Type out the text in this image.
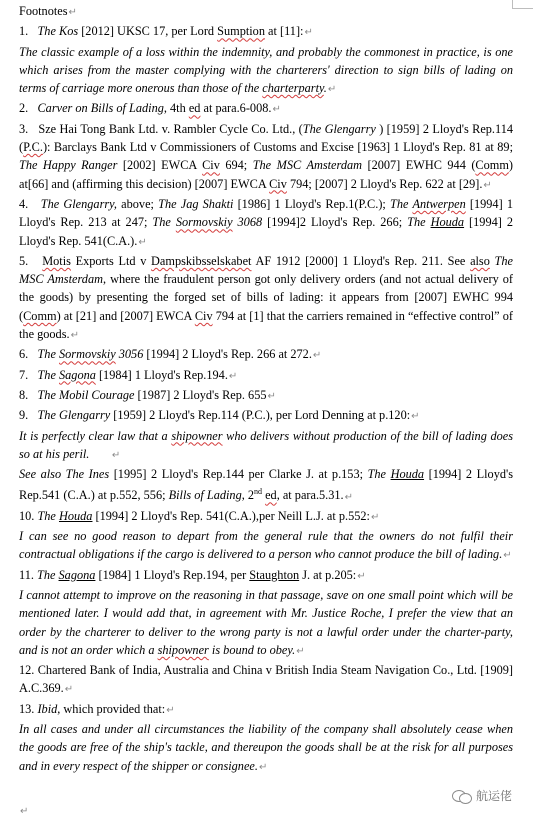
Footnotes↵

1. The Kos [2012] UKSC 17, per Lord Sumption at [11]:↵

The classic example of a loss within the indemnity, and probably the commonest in practice, is one which arises from the master complying with the charterers' direction to sign bills of lading on terms of carriage more onerous than those of the charterparty.↵

2. Carver on Bills of Lading, 4th ed at para.6-008.↵

3. Sze Hai Tong Bank Ltd. v. Rambler Cycle Co. Ltd., (The Glengarry ) [1959] 2 Lloyd's Rep.114 (P.C.): Barclays Bank Ltd v Commissioners of Customs and Excise [1963] 1 Lloyd's Rep. 81 at 89; The Happy Ranger [2002] EWCA Civ 694; The MSC Amsterdam [2007] EWHC 944 (Comm) at[66] and (affirming this decision) [2007] EWCA Civ 794; [2007] 2 Lloyd's Rep. 622 at [29].↵

4. The Glengarry, above; The Jag Shakti [1986] 1 Lloyd's Rep.1(P.C.); The Antwerpen [1994] 1 Lloyd's Rep. 213 at 247; The Sormovskiy 3068 [1994]2 Lloyd's Rep. 266; The Houda [1994] 2 Lloyd's Rep. 541(C.A.).↵

5. Motis Exports Ltd v Dampskibsselskabet AF 1912 [2000] 1 Lloyd's Rep. 211. See also The MSC Amsterdam, where the fraudulent person got only delivery orders (and not actual delivery of the goods) by presenting the forged set of bills of lading: it appears from [2007] EWHC 994 (Comm) at [21] and [2007] EWCA Civ 794 at [1] that the carriers remained in “effective control” of the goods.↵

6. The Sormovskiy 3056 [1994] 2 Lloyd's Rep. 266 at 272.↵

7. The Sagona [1984] 1 Lloyd's Rep.194.↵

8. The Mobil Courage [1987] 2 Lloyd's Rep. 655↵

9. The Glengarry [1959] 2 Lloyd's Rep.114 (P.C.), per Lord Denning at p.120:↵

It is perfectly clear law that a shipowner who delivers without production of the bill of lading does so at his peril. ↵

See also The Ines [1995] 2 Lloyd's Rep.144 per Clarke J. at p.153; The Houda [1994] 2 Lloyd's Rep.541 (C.A.) at p.552, 556; Bills of Lading, 2nd ed, at para.5.31.↵

10. The Houda [1994] 2 Lloyd's Rep. 541(C.A.),per Neill L.J. at p.552:↵

I can see no good reason to depart from the general rule that the owners do not fulfil their contractual obligations if the cargo is delivered to a person who cannot produce the bill of lading.↵

11. The Sagona [1984] 1 Lloyd's Rep.194, per Staughton J. at p.205:↵

I cannot attempt to improve on the reasoning in that passage, save on one small point which will be mentioned later. I would add that, in agreement with Mr. Justice Roche, I prefer the view that an order by the charterer to deliver to the wrong party is not a lawful order under the charter-party, and is not an order which a shipowner is bound to obey.↵

12. Chartered Bank of India, Australia and China v British India Steam Navigation Co., Ltd. [1909] A.C.369.↵

13. Ibid, which provided that:↵

In all cases and under all circumstances the liability of the company shall absolutely cease when the goods are free of the ship's tackle, and thereupon the goods shall be at the risk for all purposes and in every respect of the shipper or consignee.↵

↵
航运佬
